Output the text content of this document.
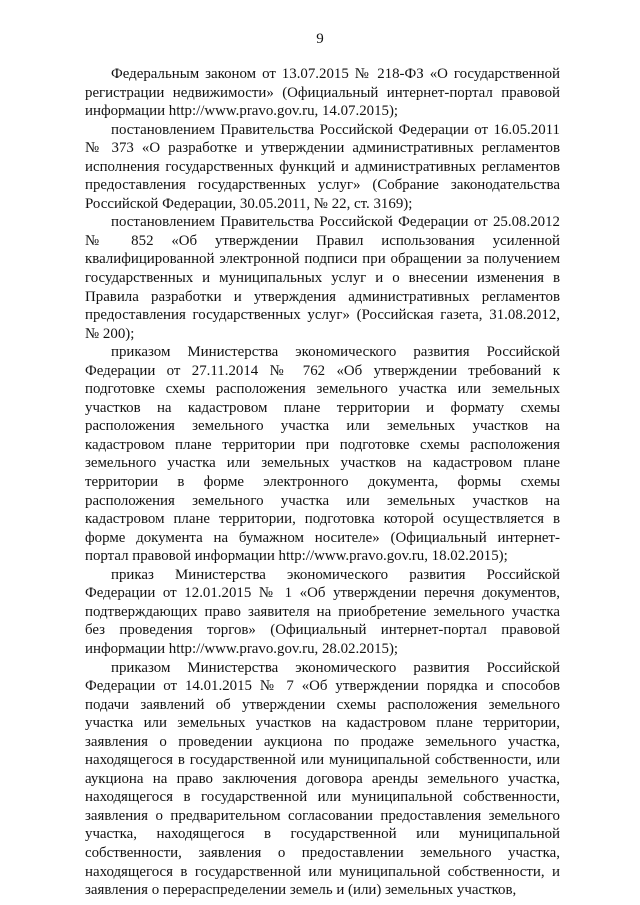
9

Федеральным законом от 13.07.2015 № 218-ФЗ «О государственной регистрации недвижимости» (Официальный интернет-портал правовой информации http://www.pravo.gov.ru, 14.07.2015);

постановлением Правительства Российской Федерации от 16.05.2011 № 373 «О разработке и утверждении административных регламентов исполнения государственных функций и административных регламентов предоставления государственных услуг» (Собрание законодательства Российской Федерации, 30.05.2011, № 22, ст. 3169);

постановлением Правительства Российской Федерации от 25.08.2012 № 852 «Об утверждении Правил использования усиленной квалифицированной электронной подписи при обращении за получением государственных и муниципальных услуг и о внесении изменения в Правила разработки и утверждения административных регламентов предоставления государственных услуг» (Российская газета, 31.08.2012, № 200);

приказом Министерства экономического развития Российской Федерации от 27.11.2014 № 762 «Об утверждении требований к подготовке схемы расположения земельного участка или земельных участков на кадастровом плане территории и формату схемы расположения земельного участка или земельных участков на кадастровом плане территории при подготовке схемы расположения земельного участка или земельных участков на кадастровом плане территории в форме электронного документа, формы схемы расположения земельного участка или земельных участков на кадастровом плане территории, подготовка которой осуществляется в форме документа на бумажном носителе» (Официальный интернет-портал правовой информации http://www.pravo.gov.ru, 18.02.2015);

приказ Министерства экономического развития Российской Федерации от 12.01.2015 № 1 «Об утверждении перечня документов, подтверждающих право заявителя на приобретение земельного участка без проведения торгов» (Официальный интернет-портал правовой информации http://www.pravo.gov.ru, 28.02.2015);

приказом Министерства экономического развития Российской Федерации от 14.01.2015 № 7 «Об утверждении порядка и способов подачи заявлений об утверждении схемы расположения земельного участка или земельных участков на кадастровом плане территории, заявления о проведении аукциона по продаже земельного участка, находящегося в государственной или муниципальной собственности, или аукциона на право заключения договора аренды земельного участка, находящегося в государственной или муниципальной собственности, заявления о предварительном согласовании предоставления земельного участка, находящегося в государственной или муниципальной собственности, заявления о предоставлении земельного участка, находящегося в государственной или муниципальной собственности, и заявления о перераспределении земель и (или) земельных участков,
